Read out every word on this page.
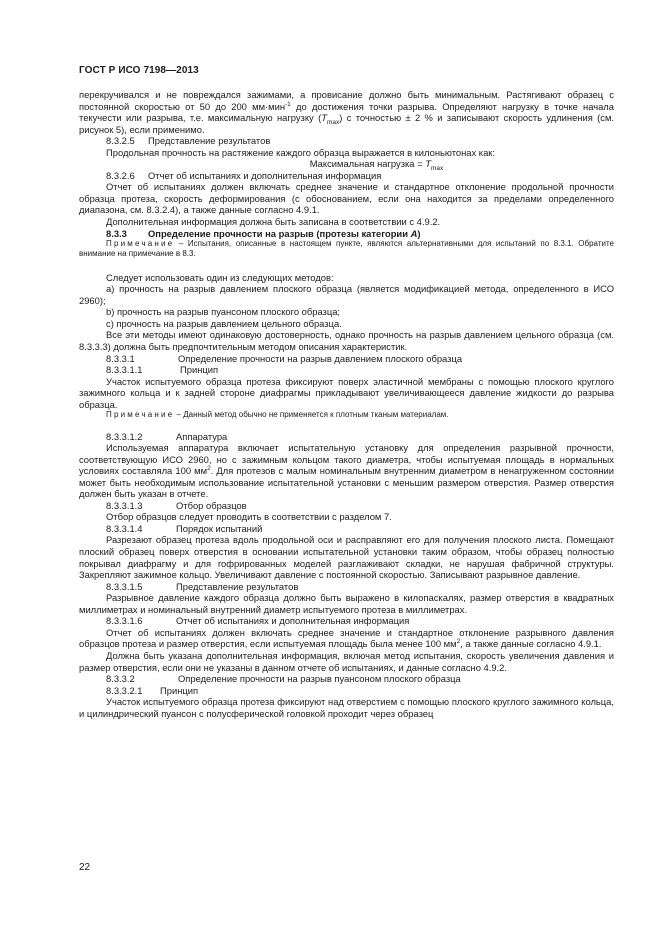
ГОСТ Р ИСО 7198—2013

перекручивался и не повреждался зажимами, а провисание должно быть минимальным. Растягивают образец с постоянной скоростью от 50 до 200 мм·мин$^{-1}$ до достижения точки разрыва. Определяют нагрузку в точке начала текучести или разрыва, т.е. максимальную нагрузку $(T_{max})$ с точностью ± 2 % и записывают скорость удлинения (см. рисунок 5), если применимо.

8.3.2.5 Представление результатов

Продольная прочность на растяжение каждого образца выражается в килоньютонах как:

Максимальная нагрузка = $T_{max}$

8.3.2.6 Отчет об испытаниях и дополнительная информация

Отчет об испытаниях должен включать среднее значение и стандартное отклонение продольной прочности образца протеза, скорость деформирования (с обоснованием, если она находится за пределами определенного диапазона, см. 8.3.2.4), а также данные согласно 4.9.1.

Дополнительная информация должна быть записана в соответствии с 4.9.2.

8.3.3 Определение прочности на разрыв (протезы категории А)

Примечание – Испытания, описанные в настоящем пункте, являются альтернативными для испытаний по 8.3.1. Обратите внимание на примечание в 8.3.

Следует использовать один из следующих методов:

а) прочность на разрыв давлением плоского образца (является модификацией метода, определенного в ИСО 2960);

b) прочность на разрыв пуансоном плоского образца;

с) прочность на разрыв давлением цельного образца.

Все эти методы имеют одинаковую достоверность, однако прочность на разрыв давлением цельного образца (см. 8.3.3.3) должна быть предпочтительным методом описания характеристик.

8.3.3.1	Определение прочности на разрыв давлением плоского образца

8.3.3.1.1	Принцип

Участок испытуемого образца протеза фиксируют поверх эластичной мембраны с помощью плоского круглого зажимного кольца и к задней стороне диафрагмы прикладывают увеличивающееся давление жидкости до разрыва образца.

Примечание – Данный метод обычно не применяется к плотным тканым материалам.

8.3.3.1.2	Аппаратура

Используемая аппаратура включает испытательную установку для определения разрывной прочности, соответствующую ИСО 2960, но с зажимным кольцом такого диаметра, чтобы испытуемая площадь в нормальных условиях составляла 100 $мм^2$. Для протезов с малым номинальным внутренним диаметром в ненагруженном состоянии может быть необходимым использование испытательной установки с меньшим размером отверстия. Размер отверстия должен быть указан в отчете.

8.3.3.1.3	Отбор образцов

Отбор образцов следует проводить в соответствии с разделом 7.

8.3.3.1.4	Порядок испытаний

Разрезают образец протеза вдоль продольной оси и расправляют его для получения плоского листа. Помещают плоский образец поверх отверстия в основании испытательной установки таким образом, чтобы образец полностью покрывал диафрагму и для гофрированных моделей разглаживают складки, не нарушая фабричной структуры. Закрепляют зажимное кольцо. Увеличивают давление с постоянной скоростью. Записывают разрывное давление.

8.3.3.1.5	Представление результатов

Разрывное давление каждого образца должно быть выражено в килопаскалях, размер отверстия в квадратных миллиметрах и номинальный внутренний диаметр испытуемого протеза в миллиметрах.

8.3.3.1.6	Отчет об испытаниях и дополнительная информация

Отчет об испытаниях должен включать среднее значение и стандартное отклонение разрывного давления образцов протеза и размер отверстия, если испытуемая площадь была менее 100 $мм^2$, а также данные согласно 4.9.1.

Должна быть указана дополнительная информация, включая метод испытания, скорость увеличения давления и размер отверстия, если они не указаны в данном отчете об испытаниях, и данные согласно 4.9.2.

8.3.3.2	Определение прочности на разрыв пуансоном плоского образца

8.3.3.2.1 Принцип

Участок испытуемого образца протеза фиксируют над отверстием с помощью плоского круглого зажимного кольца, и цилиндрический пуансон с полусферической головкой проходит через образец

22
